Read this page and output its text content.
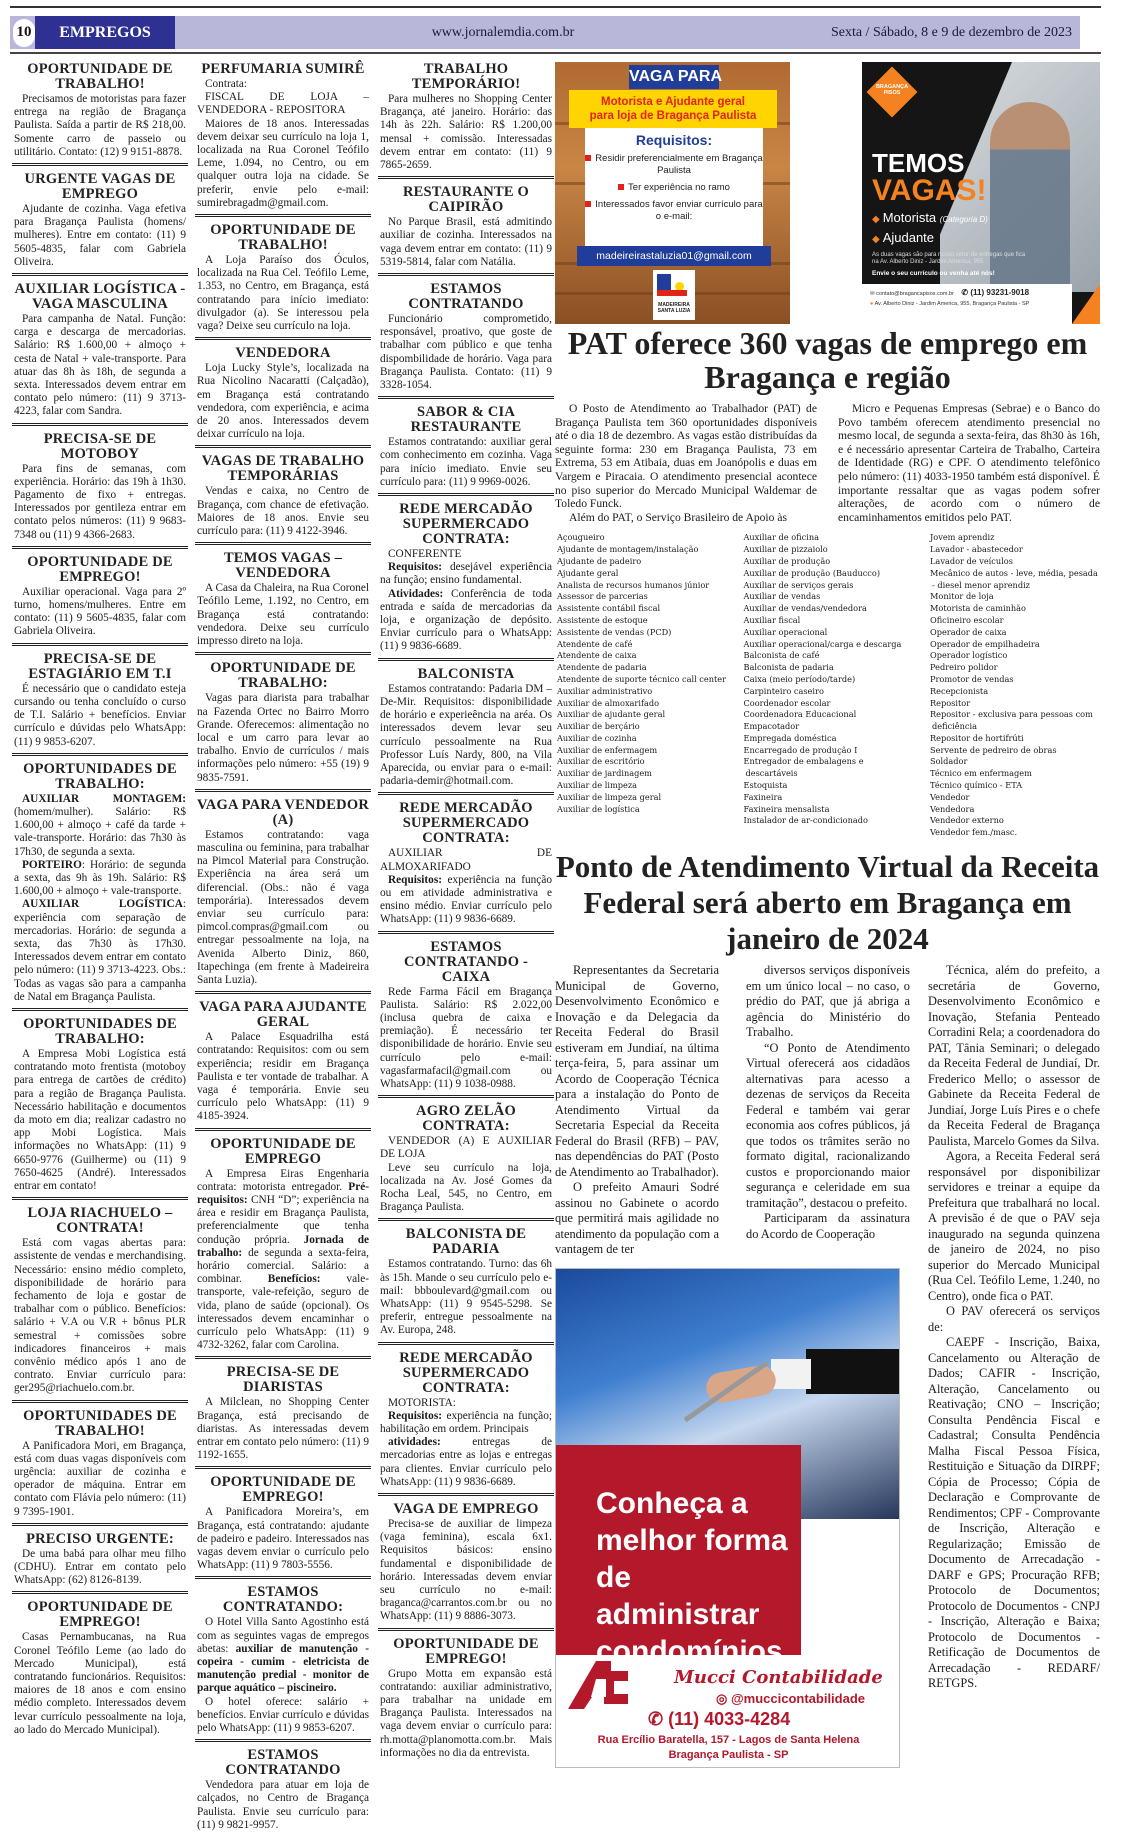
10	EMPREGOS	www.jornalemdia.com.br	Sexta / Sábado, 8 e 9 de dezembro de 2023
OPORTUNIDADE DE TRABALHO!

Precisamos de motoristas para fazer entrega na região de Bragança Paulista. Saída a partir de R$ 218,00. Somente carro de passeio ou utilitário. Contato: (12) 9 9151-8878.

URGENTE VAGAS DE EMPREGO

Ajudante de cozinha. Vaga efetiva para Bragança Paulista (homens/ mulheres). Entre em contato: (11) 9 5605-4835, falar com Gabriela Oliveira.

AUXILIAR LOGÍSTICA - VAGA MASCULINA

Para campanha de Natal. Função: carga e descarga de mercadorias. Salário: R$ 1.600,00 + almoço + cesta de Natal + vale-transporte. Para atuar das 8h às 18h, de segunda a sexta. Interessados devem entrar em contato pelo número: (11) 9 3713-4223, falar com Sandra.

PRECISA-SE DE MOTOBOY

Para fins de semanas, com experiência. Horário: das 19h à 1h30. Pagamento de fixo + entregas. Interessados por gentileza entrar em contato pelos números: (11) 9 9683-7348 ou (11) 9 4366-2683.

OPORTUNIDADE DE EMPREGO!

Auxiliar operacional. Vaga para 2º turno, homens/mulheres. Entre em contato: (11) 9 5605-4835, falar com Gabriela Oliveira.

PRECISA-SE DE ESTAGIÁRIO EM T.I

É necessário que o candidato esteja cursando ou tenha concluído o curso de T.I. Salário + benefícios. Enviar currículo e dúvidas pelo WhatsApp: (11) 9 9853-6207.

OPORTUNIDADES DE TRABALHO:

AUXILIAR MONTAGEM: (homem/mulher). Salário: R$ 1.600,00 + almoço + café da tarde + vale-transporte. Horário: das 7h30 às 17h30, de segunda a sexta.

PORTEIRO: Horário: de segunda a sexta, das 9h às 19h. Salário: R$ 1.600,00 + almoço + vale-transporte.

AUXILIAR LOGÍSTICA: experiência com separação de mercadorias. Horário: de segunda a sexta, das 7h30 às 17h30. Interessados devem entrar em contato pelo número: (11) 9 3713-4223. Obs.: Todas as vagas são para a campanha de Natal em Bragança Paulista.

OPORTUNIDADES DE TRABALHO:

A Empresa Mobi Logística está contratando moto frentista (motoboy para entrega de cartões de crédito) para a região de Bragança Paulista. Necessário habilitação e documentos da moto em dia; realizar cadastro no app Mobi Logística. Mais informações no WhatsApp: (11) 9 6650-9776 (Guilherme) ou (11) 9 7650-4625 (André). Interessados entrar em contato!

LOJA RIACHUELO – CONTRATA!

Está com vagas abertas para: assistente de vendas e merchandising. Necessário: ensino médio completo, disponibilidade de horário para fechamento de loja e gostar de trabalhar com o público. Benefícios: salário + V.A ou V.R + bônus PLR semestral + comissões sobre indicadores financeiros + mais convênio médico após 1 ano de contrato. Enviar currículo para: ger295@riachuelo.com.br.

OPORTUNIDADES DE TRABALHO!

A Panificadora Mori, em Bragança, está com duas vagas disponíveis com urgência: auxiliar de cozinha e operador de máquina. Entrar em contato com Flávia pelo número: (11) 9 7395-1901.

PRECISO URGENTE:

De uma babá para olhar meu filho (CDHU). Entrar em contato pelo WhatsApp: (62) 8126-8139.

OPORTUNIDADE DE EMPREGO!

Casas Pernambucanas, na Rua Coronel Teófilo Leme (ao lado do Mercado Municipal), está contratando funcionários. Requisitos: maiores de 18 anos e com ensino médio completo. Interessados devem levar currículo pessoalmente na loja, ao lado do Mercado Municipal).

PERFUMARIA SUMIRÊ

Contrata:

FISCAL DE LOJA – VENDEDORA - REPOSITORA

Maiores de 18 anos. Interessadas devem deixar seu currículo na loja 1, localizada na Rua Coronel Teófilo Leme, 1.094, no Centro, ou em qualquer outra loja na cidade. Se preferir, envie pelo e-mail: sumirebragadm@gmail.com.

OPORTUNIDADE DE TRABALHO!

A Loja Paraíso dos Óculos, localizada na Rua Cel. Teófilo Leme, 1.353, no Centro, em Bragança, está contratando para início imediato: divulgador (a). Se interessou pela vaga? Deixe seu currículo na loja.

VENDEDORA

Loja Lucky Style’s, localizada na Rua Nicolino Nacaratti (Calçadão), em Bragança está contratando vendedora, com experiência, e acima de 20 anos. Interessados devem deixar currículo na loja.

VAGAS DE TRABALHO TEMPORÁRIAS

Vendas e caixa, no Centro de Bragança, com chance de efetivação. Maiores de 18 anos. Envie seu currículo para: (11) 9 4122-3946.

TEMOS VAGAS – VENDEDORA

A Casa da Chaleira, na Rua Coronel Teófilo Leme, 1.192, no Centro, em Bragança está contratando: vendedora. Deixe seu currículo impresso direto na loja.

OPORTUNIDADE DE TRABALHO:

Vagas para diarista para trabalhar na Fazenda Ortec no Bairro Morro Grande. Oferecemos: alimentação no local e um carro para levar ao trabalho. Envio de currículos / mais informações pelo número: +55 (19) 9 9835-7591.

VAGA PARA VENDEDOR (A)

Estamos contratando: vaga masculina ou feminina, para trabalhar na Pimcol Material para Construção. Experiência na área será um diferencial. (Obs.: não é vaga temporária). Interessados devem enviar seu currículo para: pimcol.compras@gmail.com ou entregar pessoalmente na loja, na Avenida Alberto Diniz, 860, Itapechinga (em frente à Madeireira Santa Luzia).

VAGA PARA AJUDANTE GERAL

A Palace Esquadrilha está contratando: Requisitos: com ou sem experiência; residir em Bragança Paulista e ter vontade de trabalhar. A vaga é temporária. Envie seu currículo pelo WhatsApp: (11) 9 4185-3924.

OPORTUNIDADE DE EMPREGO

A Empresa Eiras Engenharia contrata: motorista entregador. Pré-requisitos: CNH “D”; experiência na área e residir em Bragança Paulista, preferencialmente que tenha condução própria. Jornada de trabalho: de segunda a sexta-feira, horário comercial. Salário: a combinar. Benefícios: vale-transporte, vale-refeição, seguro de vida, plano de saúde (opcional). Os interessados devem encaminhar o currículo pelo WhatsApp: (11) 9 4732-3262, falar com Carolina.

PRECISA-SE DE DIARISTAS

A Milclean, no Shopping Center Bragança, está precisando de diaristas. As interessadas devem entrar em contato pelo número: (11) 9 1192-1655.

OPORTUNIDADE DE EMPREGO!

A Panificadora Moreira’s, em Bragança, está contratando: ajudante de padeiro e padeiro. Interessados nas vagas devem enviar o currículo pelo WhatsApp: (11) 9 7803-5556.

ESTAMOS CONTRATANDO:

O Hotel Villa Santo Agostinho está com as seguintes vagas de empregos abetas: auxiliar de manutenção - copeira - cumim - eletricista de manutenção predial - monitor de parque aquático – piscineiro.

O hotel oferece: salário + benefícios. Enviar currículo e dúvidas pelo WhatsApp: (11) 9 9853-6207.

ESTAMOS CONTRATANDO

Vendedora para atuar em loja de calçados, no Centro de Bragança Paulista. Envie seu currículo para: (11) 9 9821-9957.

TRABALHO TEMPORÁRIO!

Para mulheres no Shopping Center Bragança, até janeiro. Horário: das 14h às 22h. Salário: R$ 1.200,00 mensal + comissão. Interessadas devem entrar em contato: (11) 9 7865-2659.

RESTAURANTE O CAIPIRÃO

No Parque Brasil, está admitindo auxiliar de cozinha. Interessados na vaga devem entrar em contato: (11) 9 5319-5814, falar com Natália.

ESTAMOS CONTRATANDO

Funcionário comprometido, responsável, proativo, que goste de trabalhar com público e que tenha dispombilidade de horário. Vaga para Bragança Paulista. Contato: (11) 9 3328-1054.

SABOR & CIA RESTAURANTE

Estamos contratando: auxiliar geral com conhecimento em cozinha. Vaga para início imediato. Envie seu currículo para: (11) 9 9969-0026.

REDE MERCADÃO SUPERMERCADO CONTRATA:

CONFERENTE

Requisitos: desejável experiência na função; ensino fundamental.

Atividades: Conferência de toda entrada e saída de mercadorias da loja, e organização de depósito. Enviar currículo para o WhatsApp: (11) 9 9836-6689.

BALCONISTA

Estamos contratando: Padaria DM – De-Mir. Requisitos: disponibilidade de horário e experieência na aréa. Os interessados devem levar seu currículo pessoalmente na Rua Professor Luís Nardy, 800, na Vila Aparecida, ou enviar para o e-mail: padaria-demir@hotmail.com.

REDE MERCADÃO SUPERMERCADO CONTRATA:

AUXILIAR DE ALMOXARIFADO

Requisitos: experiência na função ou em atividade administrativa e ensino médio. Enviar currículo pelo WhatsApp: (11) 9 9836-6689.

ESTAMOS CONTRATANDO - CAIXA

Rede Farma Fácil em Bragança Paulista. Salário: R$ 2.022,00 (inclusa quebra de caixa e premiação). É necessário ter disponibilidade de horário. Envie seu currículo pelo e-mail: vagasfarmafacil@gmail.com ou WhatsApp: (11) 9 1038-0988.

AGRO ZELÃO CONTRATA:

VENDEDOR (A) E AUXILIAR DE LOJA

Leve seu currículo na loja, localizada na Av. José Gomes da Rocha Leal, 545, no Centro, em Bragança Paulista.

BALCONISTA DE PADARIA

Estamos contratando. Turno: das 6h às 15h. Mande o seu currículo pelo e-mail: bbboulevard@gmail.com ou WhatsApp: (11) 9 9545-5298. Se preferir, entregue pessoalmente na Av. Europa, 248.

REDE MERCADÃO SUPERMERCADO CONTRATA:

MOTORISTA:

Requisitos: experiência na função; habilitação em ordem. Principais

atividades: entregas de mercadorias entre as lojas e entregas para clientes. Enviar currículo pelo WhatsApp: (11) 9 9836-6689.

VAGA DE EMPREGO

Precisa-se de auxiliar de limpeza (vaga feminina), escala 6x1. Requisitos básicos: ensino fundamental e disponibilidade de horário. Interessadas devem enviar seu currículo no e-mail: braganca@carrantos.com.br ou no WhatsApp: (11) 9 8886-3073.

OPORTUNIDADE DE EMPREGO!

Grupo Motta em expansão está contratando: auxiliar administrativo, para trabalhar na unidade em Bragança Paulista. Interessados na vaga devem enviar o currículo para: rh.motta@planomotta.com.br. Mais informações no dia da entrevista.

VAGA PARA
Motorista e Ajudante geral
para loja de Bragança Paulista
Requisitos:
Residir preferencialmente em Bragança Paulista
Ter experiência no ramo
Interessados favor enviar currículo para o e-mail:
madeireirastaluzia01@gmail.com
MADEIREIRA SANTA LUZIA
BRAGANÇA PISOS
TEMOS
VAGAS!
◆ Motorista (Categoria D)
◆ Ajudante
As duas vagas são para nosso setor de entregas que fica na Av. Alberto Diniz - Jardim America, 955
Envie o seu currículo ou venha até nós!
✉ contato@bragancapisos.com.br ✆ (11) 93231-9018
● Av. Alberto Diniz - Jardim America, 955, Bragança Paulista - SP
PAT oferece 360 vagas de emprego em Bragança e região

O Posto de Atendimento ao Trabalhador (PAT) de Bragança Paulista tem 360 oportunidades disponíveis até o dia 18 de dezembro. As vagas estão distribuídas da seguinte forma: 230 em Bragança Paulista, 73 em Extrema, 53 em Atibaia, duas em Joanópolis e duas em Vargem e Piracaia. O atendimento presencial acontece no piso superior do Mercado Municipal Waldemar de Toledo Funck.

Além do PAT, o Serviço Brasileiro de Apoio às

Micro e Pequenas Empresas (Sebrae) e o Banco do Povo também oferecem atendimento presencial no mesmo local, de segunda a sexta-feira, das 8h30 às 16h, e é necessário apresentar Carteira de Trabalho, Carteira de Identidade (RG) e CPF. O atendimento telefônico pelo número: (11) 4033-1950 também está disponível. É importante ressaltar que as vagas podem sofrer alterações, de acordo com o número de encaminhamentos emitidos pelo PAT.

Açougueiro
Ajudante de montagem/instalação
Ajudante de padeiro
Ajudante geral
Analista de recursos humanos júnior
Assessor de parcerias
Assistente contábil fiscal
Assistente de estoque
Assistente de vendas (PCD)
Atendente de café
Atendente de caixa
Atendente de padaria
Atendente de suporte técnico call center
Auxiliar administrativo
Auxiliar de almoxarifado
Auxiliar de ajudante geral
Auxiliar de berçário
Auxiliar de cozinha
Auxiliar de enfermagem
Auxiliar de escritório
Auxiliar de jardinagem
Auxiliar de limpeza
Auxiliar de limpeza geral
Auxiliar de logística
Auxiliar de oficina
Auxiliar de pizzaiolo
Auxiliar de produção
Auxiliar de produção (Bauducco)
Auxiliar de serviços gerais
Auxiliar de vendas
Auxiliar de vendas/vendedora
Auxiliar fiscal
Auxiliar operacional
Auxiliar operacional/carga e descarga
Balconista de café
Balconista de padaria
Caixa (meio período/tarde)
Carpinteiro caseiro
Coordenador escolar
Coordenadora Educacional
Empacotador
Empregada doméstica
Encarregado de produção I
Entregador de embalagens e descartáveis
Estoquista
Faxineira
Faxineira mensalista
Instalador de ar-condicionado
Jovem aprendiz
Lavador - abastecedor
Lavador de veículos
Mecânico de autos - leve, média, pesada - diesel menor aprendiz
Monitor de loja
Motorista de caminhão
Oficineiro escolar
Operador de caixa
Operador de empilhadeira
Operador logístico
Pedreiro polidor
Promotor de vendas
Recepcionista
Repositor
Repositor - exclusiva para pessoas com deficiência
Repositor de hortifrúti
Servente de pedreiro de obras
Soldador
Técnico em enfermagem
Técnico químico - ETA
Vendedor
Vendedora
Vendedor externo
Vendedor fem./masc.
Ponto de Atendimento Virtual da Receita Federal será aberto em Bragança em janeiro de 2024

Representantes da Secretaria Municipal de Governo, Desenvolvimento Econômico e Inovação e da Delegacia da Receita Federal do Brasil estiveram em Jundiaí, na última terça-feira, 5, para assinar um Acordo de Cooperação Técnica para a instalação do Ponto de Atendimento Virtual da Secretaria Especial da Receita Federal do Brasil (RFB) – PAV, nas dependências do PAT (Posto de Atendimento ao Trabalhador).

O prefeito Amauri Sodré assinou no Gabinete o acordo que permitirá mais agilidade no atendimento da população com a vantagem de ter

diversos serviços disponíveis em um único local – no caso, o prédio do PAT, que já abriga a agência do Ministério do Trabalho.

“O Ponto de Atendimento Virtual oferecerá aos cidadãos alternativas para acesso a dezenas de serviços da Receita Federal e também vai gerar economia aos cofres públicos, já que todos os trâmites serão no formato digital, racionalizando custos e proporcionando maior segurança e celeridade em sua tramitação”, destacou o prefeito.

Participaram da assinatura do Acordo de Cooperação

Conheça a
melhor forma
de administrar
condomínios
Mucci Contabilidade
◎ @muccicontabilidade
✆ (11) 4033-4284
Rua Ercílio Baratella, 157 - Lagos de Santa Helena
Bragança Paulista - SP

Técnica, além do prefeito, a secretária de Governo, Desenvolvimento Econômico e Inovação, Stefania Penteado Corradini Rela; a coordenadora do PAT, Tânia Seminari; o delegado da Receita Federal de Jundiaí, Dr. Frederico Mello; o assessor de Gabinete da Receita Federal de Jundiaí, Jorge Luís Pires e o chefe da Receita Federal de Bragança Paulista, Marcelo Gomes da Silva.

Agora, a Receita Federal será responsável por disponibilizar servidores e treinar a equipe da Prefeitura que trabalhará no local. A previsão é de que o PAV seja inaugurado na segunda quinzena de janeiro de 2024, no piso superior do Mercado Municipal (Rua Cel. Teófilo Leme, 1.240, no Centro), onde fica o PAT.

O PAV oferecerá os serviços de:

CAEPF - Inscrição, Baixa, Cancelamento ou Alteração de Dados; CAFIR - Inscrição, Alteração, Cancelamento ou Reativação; CNO – Inscrição; Consulta Pendência Fiscal e Cadastral; Consulta Pendência Malha Fiscal Pessoa Física, Restituição e Situação da DIRPF; Cópia de Processo; Cópia de Declaração e Comprovante de Rendimentos; CPF - Comprovante de Inscrição, Alteração e Regularização; Emissão de Documento de Arrecadação - DARF e GPS; Procuração RFB; Protocolo de Documentos; Protocolo de Documentos - CNPJ - Inscrição, Alteração e Baixa; Protocolo de Documentos - Retificação de Documentos de Arrecadação - REDARF/ RETGPS.
